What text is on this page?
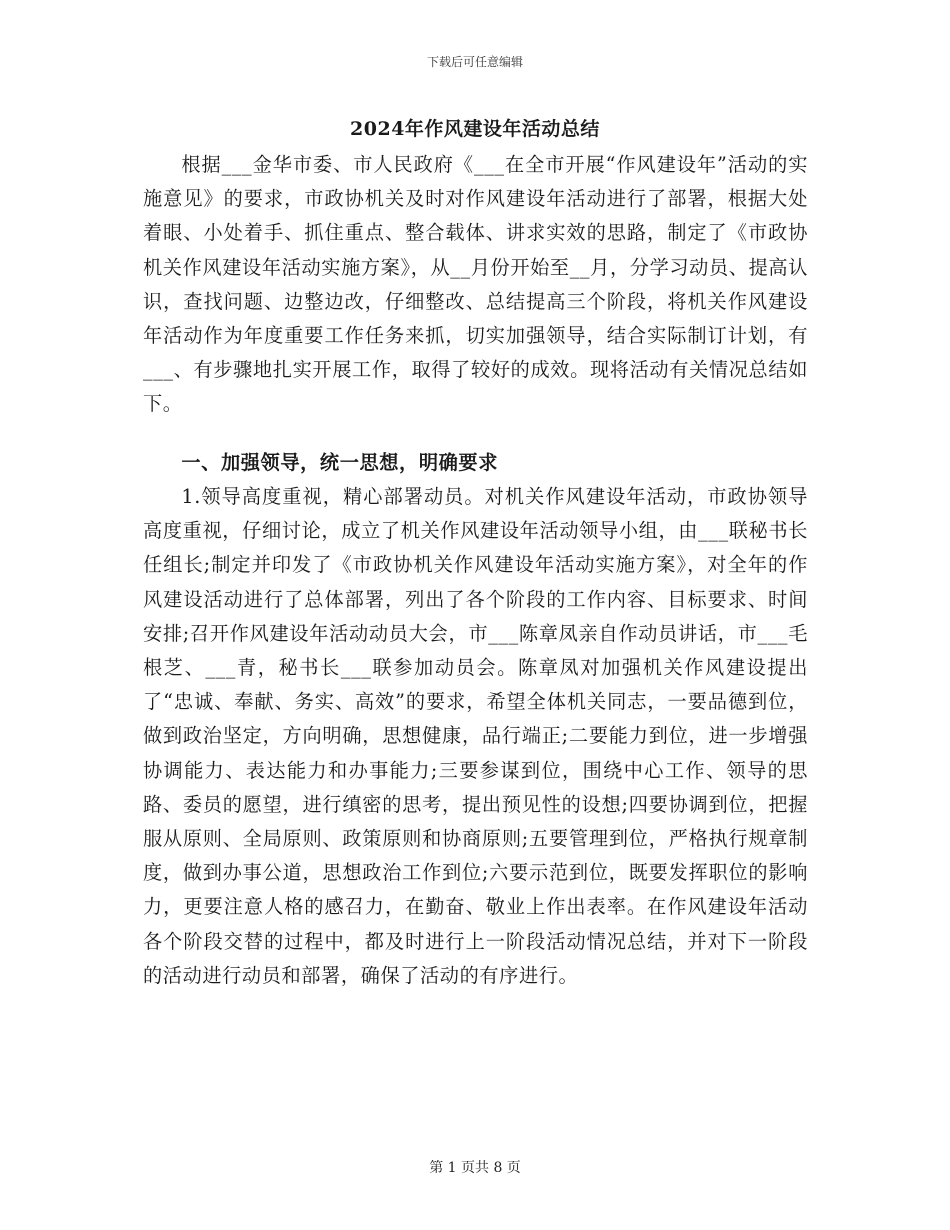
下载后可任意编辑
2024年作风建设年活动总结

根据___金华市委、市人民政府《___在全市开展“作风建设年”活动的实施意见》的要求，市政协机关及时对作风建设年活动进行了部署，根据大处着眼、小处着手、抓住重点、整合载体、讲求实效的思路，制定了《市政协机关作风建设年活动实施方案》，从__月份开始至__月，分学习动员、提高认识，查找问题、边整边改，仔细整改、总结提高三个阶段，将机关作风建设年活动作为年度重要工作任务来抓，切实加强领导，结合实际制订计划，有___、有步骤地扎实开展工作，取得了较好的成效。现将活动有关情况总结如下。

一、加强领导，统一思想，明确要求

1.领导高度重视，精心部署动员。对机关作风建设年活动，市政协领导高度重视，仔细讨论，成立了机关作风建设年活动领导小组，由___联秘书长任组长;制定并印发了《市政协机关作风建设年活动实施方案》，对全年的作风建设活动进行了总体部署，列出了各个阶段的工作内容、目标要求、时间安排;召开作风建设年活动动员大会，市___陈章凤亲自作动员讲话，市___毛根芝、___青，秘书长___联参加动员会。陈章凤对加强机关作风建设提出了“忠诚、奉献、务实、高效”的要求，希望全体机关同志，一要品德到位，做到政治坚定，方向明确，思想健康，品行端正;二要能力到位，进一步增强协调能力、表达能力和办事能力;三要参谋到位，围绕中心工作、领导的思路、委员的愿望，进行缜密的思考，提出预见性的设想;四要协调到位，把握服从原则、全局原则、政策原则和协商原则;五要管理到位，严格执行规章制度，做到办事公道，思想政治工作到位;六要示范到位，既要发挥职位的影响力，更要注意人格的感召力，在勤奋、敬业上作出表率。在作风建设年活动各个阶段交替的过程中，都及时进行上一阶段活动情况总结，并对下一阶段的活动进行动员和部署，确保了活动的有序进行。

第 1 页共 8 页
